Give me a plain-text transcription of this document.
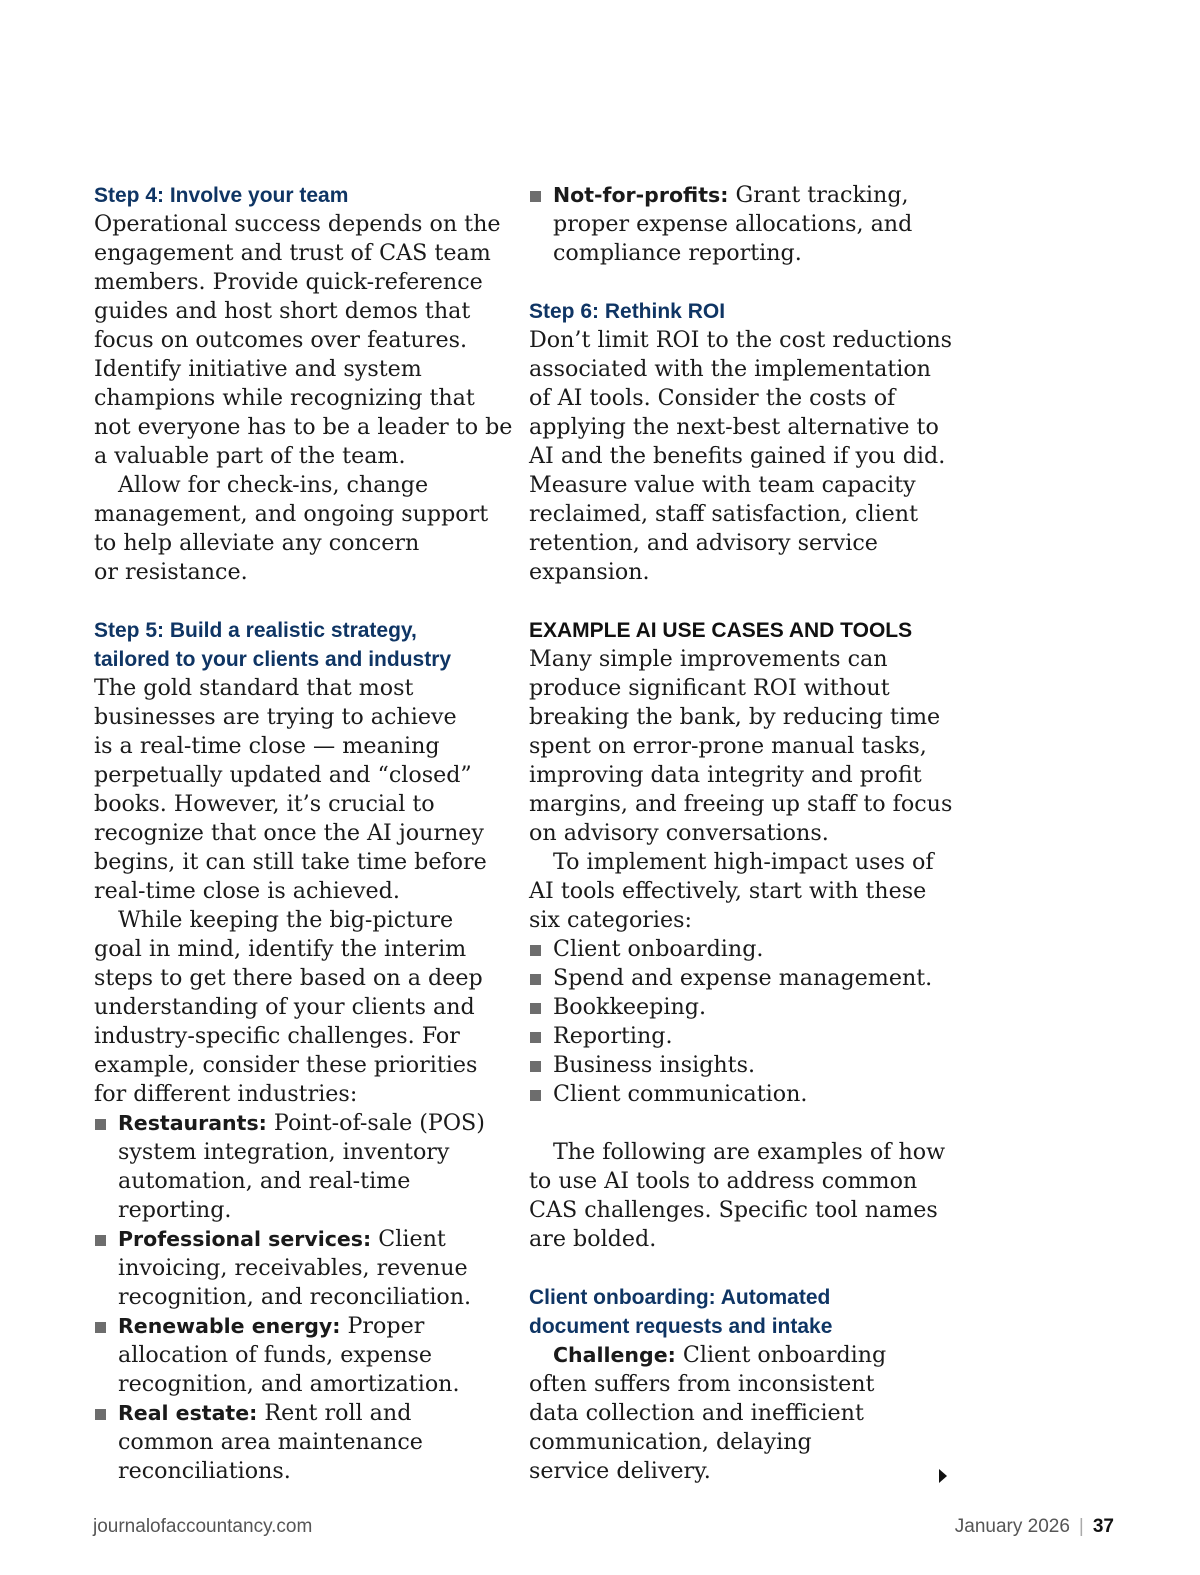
Step 4: Involve your team
Operational success depends on the
engagement and trust of CAS team
members. Provide quick-reference
guides and host short demos that
focus on outcomes over features.
Identify initiative and system
champions while recognizing that
not everyone has to be a leader to be
a valuable part of the team.
Allow for check-ins, change
management, and ongoing support
to help alleviate any concern
or resistance.
Step 5: Build a realistic strategy,
tailored to your clients and industry
The gold standard that most
businesses are trying to achieve
is a real-time close — meaning
perpetually updated and “closed”
books. However, it’s crucial to
recognize that once the AI journey
begins, it can still take time before
real-time close is achieved.
While keeping the big-picture
goal in mind, identify the interim
steps to get there based on a deep
understanding of your clients and
industry-specific challenges. For
example, consider these priorities
for different industries:
Restaurants: Point-of-sale (POS)
system integration, inventory
automation, and real-time
reporting.
Professional services: Client
invoicing, receivables, revenue
recognition, and reconciliation.
Renewable energy: Proper
allocation of funds, expense
recognition, and amortization.
Real estate: Rent roll and
common area maintenance
reconciliations.
Not-for-profits: Grant tracking,
proper expense allocations, and
compliance reporting.
Step 6: Rethink ROI
Don’t limit ROI to the cost reductions
associated with the implementation
of AI tools. Consider the costs of
applying the next-best alternative to
AI and the benefits gained if you did.
Measure value with team capacity
reclaimed, staff satisfaction, client
retention, and advisory service
expansion.
EXAMPLE AI USE CASES AND TOOLS
Many simple improvements can
produce significant ROI without
breaking the bank, by reducing time
spent on error-prone manual tasks,
improving data integrity and profit
margins, and freeing up staff to focus
on advisory conversations.
To implement high-impact uses of
AI tools effectively, start with these
six categories:
Client onboarding.
Spend and expense management.
Bookkeeping.
Reporting.
Business insights.
Client communication.
The following are examples of how
to use AI tools to address common
CAS challenges. Specific tool names
are bolded.
Client onboarding: Automated
document requests and intake
Challenge: Client onboarding
often suffers from inconsistent
data collection and inefficient
communication, delaying
service delivery.
journalofaccountancy.com	January 2026 | 37
